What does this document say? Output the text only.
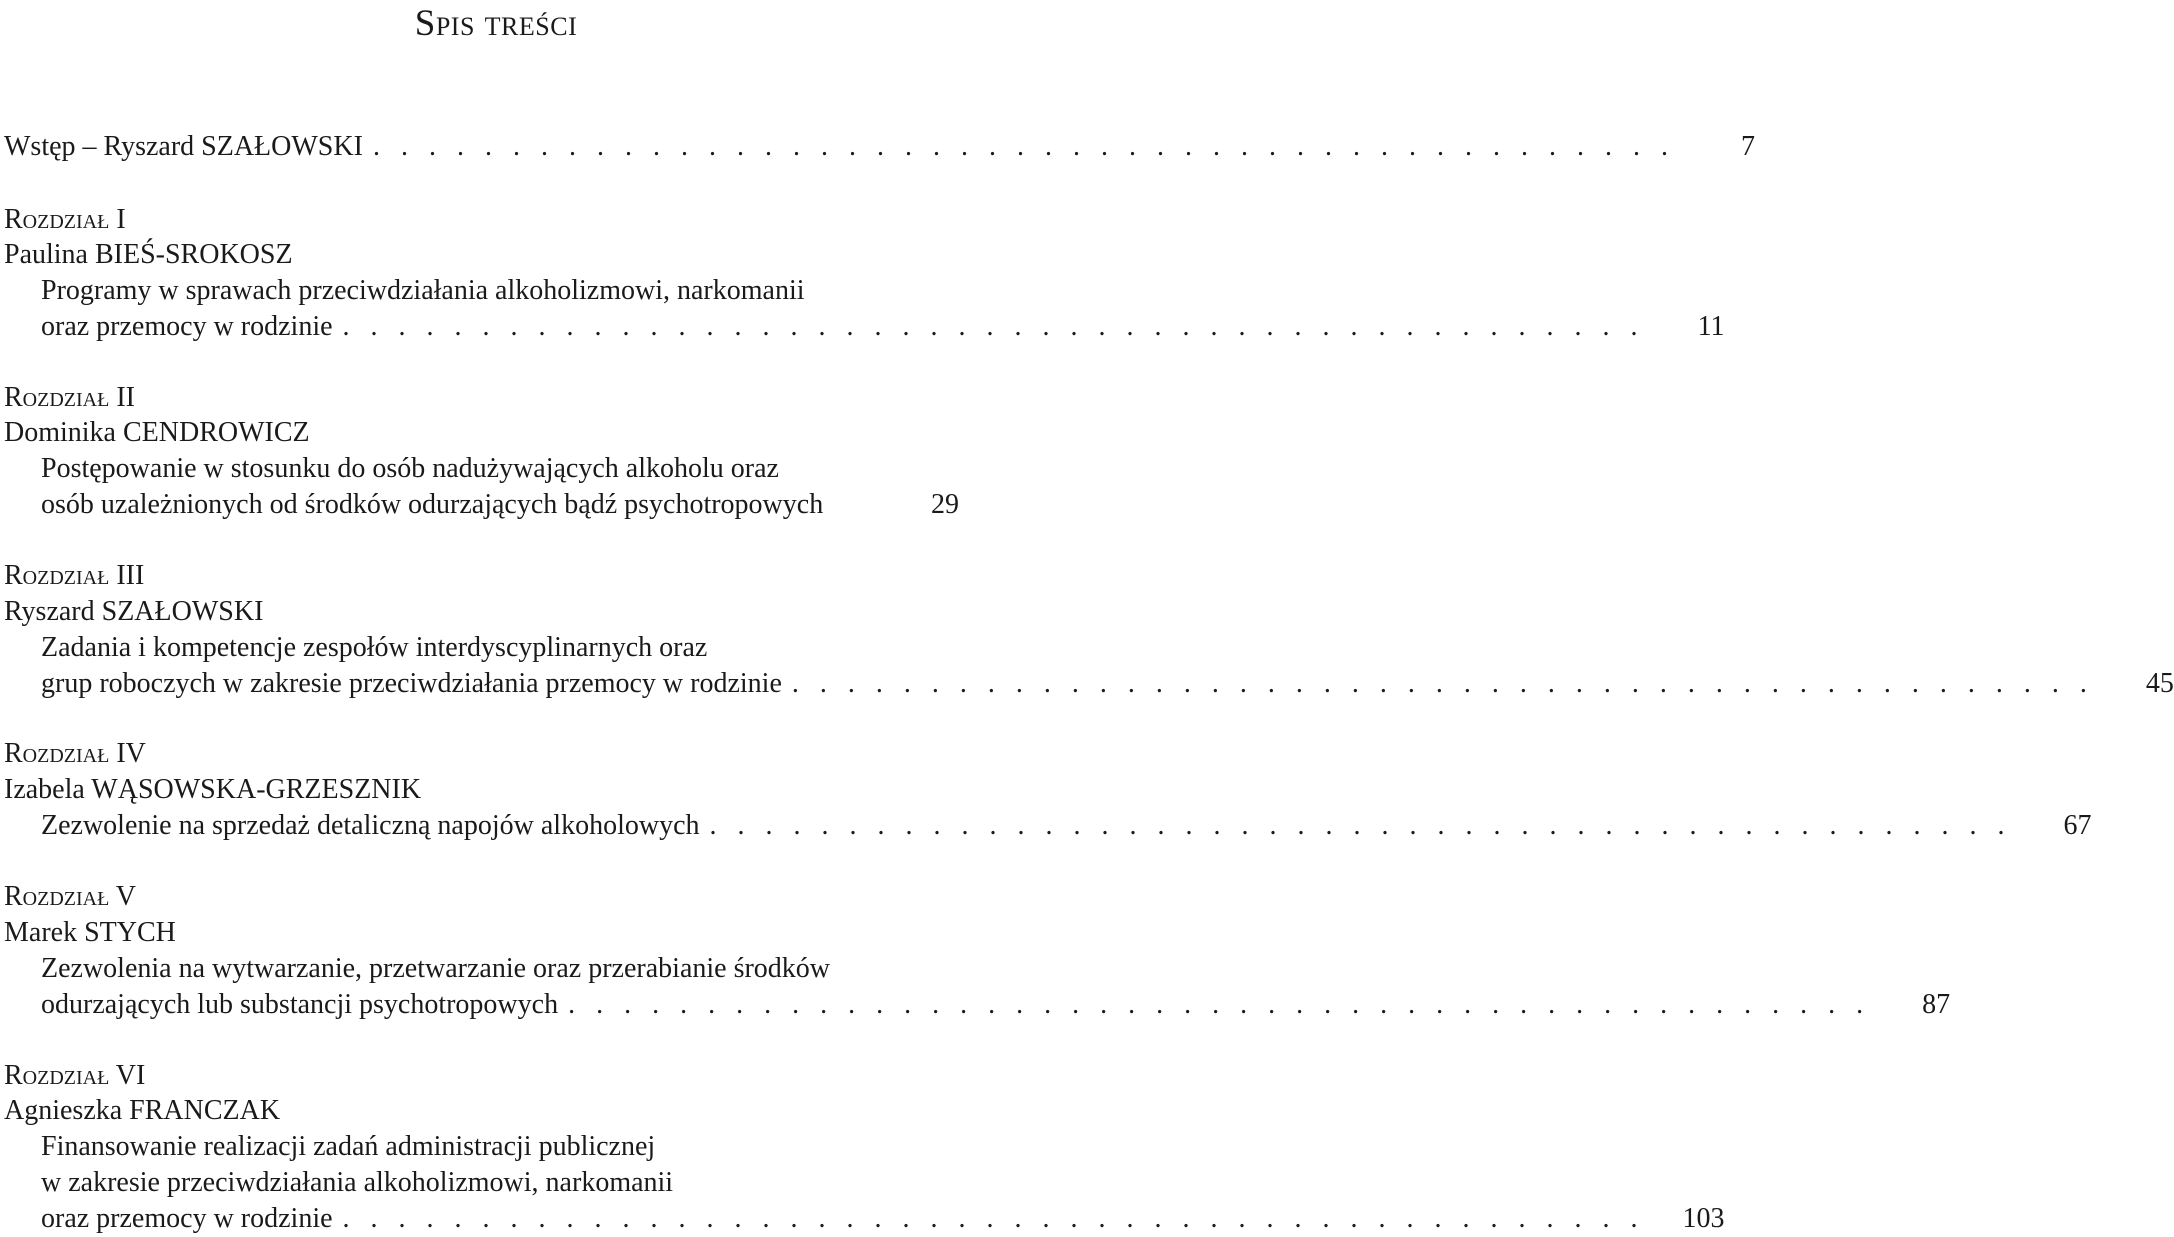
Spis treści
Wstęp – Ryszard SZAŁOWSKI . . . . . . . . . . . . . . . . . . . . . . . . . . . . . . . . . . . . . . . . . . . . . . .	7
Rozdział I
Paulina BIEŚ-SROKOSZ
Programy w sprawach przeciwdziałania alkoholizmowi, narkomanii
oraz przemocy w rodzinie . . . . . . . . . . . . . . . . . . . . . . . . . . . . . . . . . . . . . . . . . . . . . . .	11
Rozdział II
Dominika CENDROWICZ
Postępowanie w stosunku do osób nadużywających alkoholu oraz
osób uzależnionych od środków odurzających bądź psychotropowych	29
Rozdział III
Ryszard SZAŁOWSKI
Zadania i kompetencje zespołów interdyscyplinarnych oraz
grup roboczych w zakresie przeciwdziałania przemocy w rodzinie . . . . . . . . . . . . . . . . . . . . . . . . . . . . . . . . . . . . . . . . . . . . . . .	45
Rozdział IV
Izabela WĄSOWSKA-GRZESZNIK
Zezwolenie na sprzedaż detaliczną napojów alkoholowych . . . . . . . . . . . . . . . . . . . . . . . . . . . . . . . . . . . . . . . . . . . . . . .	67
Rozdział V
Marek STYCH
Zezwolenia na wytwarzanie, przetwarzanie oraz przerabianie środków
odurzających lub substancji psychotropowych . . . . . . . . . . . . . . . . . . . . . . . . . . . . . . . . . . . . . . . . . . . . . . .	87
Rozdział VI
Agnieszka FRANCZAK
Finansowanie realizacji zadań administracji publicznej
w zakresie przeciwdziałania alkoholizmowi, narkomanii
oraz przemocy w rodzinie . . . . . . . . . . . . . . . . . . . . . . . . . . . . . . . . . . . . . . . . . . . . . . .	103
